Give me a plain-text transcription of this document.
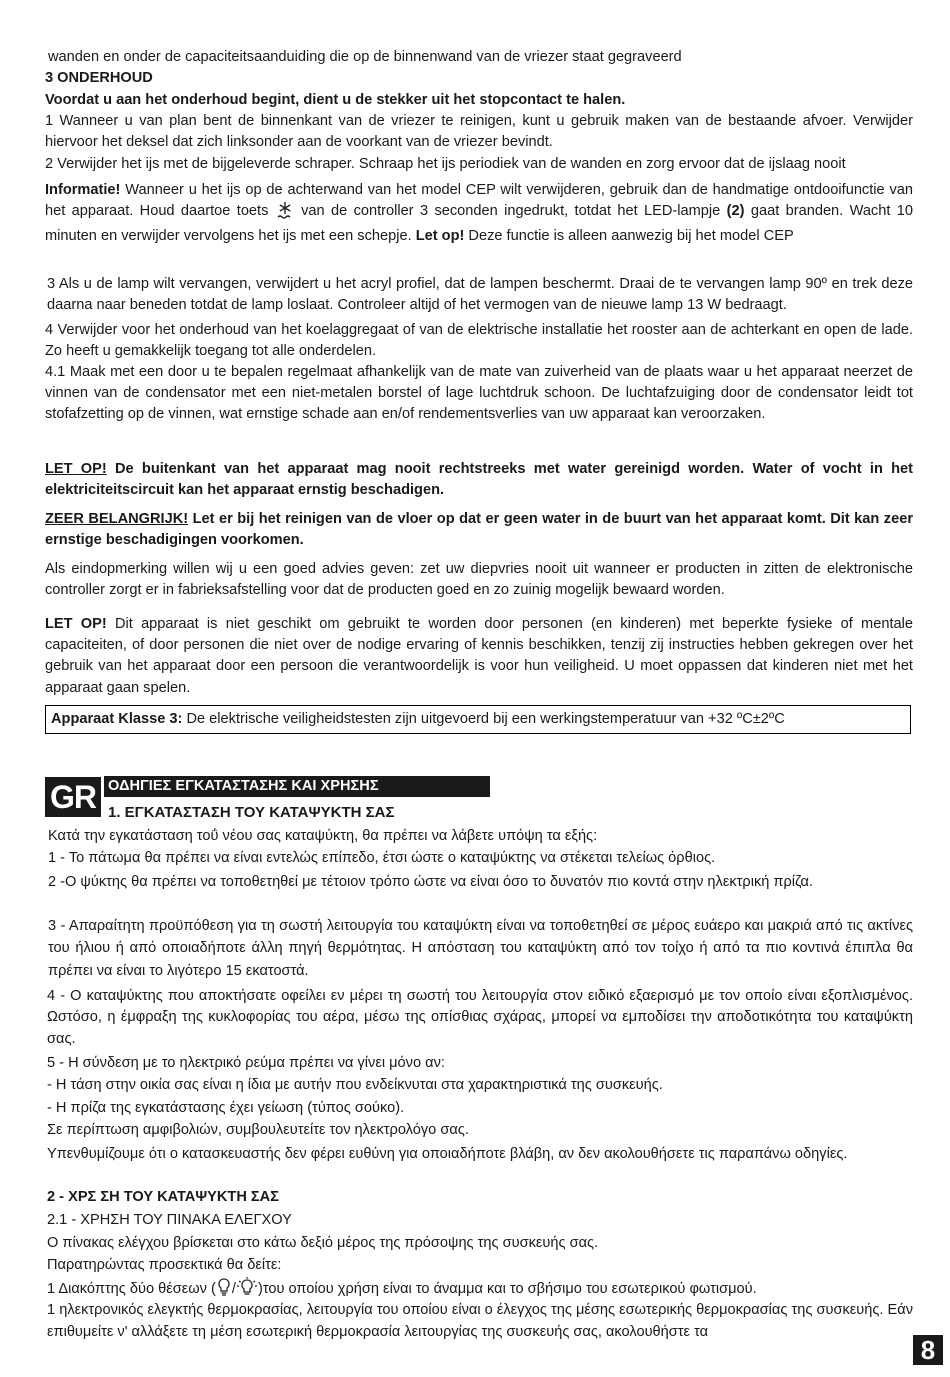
wanden en onder de capaciteitsaanduiding die op de binnenwand van de vriezer staat gegraveerd
3 ONDERHOUD
Voordat u aan het onderhoud begint, dient u de stekker uit het stopcontact te halen.
1 Wanneer u van plan bent de binnenkant van de vriezer te reinigen, kunt u gebruik maken van de bestaande afvoer. Verwijder hiervoor het deksel dat zich linksonder aan de voorkant van de vriezer bevindt.
2 Verwijder het ijs met de bijgeleverde schraper. Schraap het ijs periodiek van de wanden en zorg ervoor dat de ijslaag nooit
Informatie! Wanneer u het ijs op de achterwand van het model CEP wilt verwijderen, gebruik dan de handmatige ontdooifunctie van het apparaat. Houd daartoe toets  van de controller 3 seconden ingedrukt, totdat het LED-lampje (2) gaat branden. Wacht 10 minuten en verwijder vervolgens het ijs met een schepje. Let op! Deze functie is alleen aanwezig bij het model CEP
3 Als u de lamp wilt vervangen, verwijdert u het acryl profiel, dat de lampen beschermt. Draai de te vervangen lamp 90º en trek deze daarna naar beneden totdat de lamp loslaat. Controleer altijd of het vermogen van de nieuwe lamp 13 W bedraagt.
4 Verwijder voor het onderhoud van het koelaggregaat of van de elektrische installatie het rooster aan de achterkant en open de lade. Zo heeft u gemakkelijk toegang tot alle onderdelen.
4.1 Maak met een door u te bepalen regelmaat afhankelijk van de mate van zuiverheid van de plaats waar u het apparaat neerzet de vinnen van de condensator met een niet-metalen borstel of lage luchtdruk schoon. De luchtafzuiging door de condensator leidt tot stofafzetting op de vinnen, wat ernstige schade aan en/of rendementsverlies van uw apparaat kan veroorzaken.
LET OP! De buitenkant van het apparaat mag nooit rechtstreeks met water gereinigd worden. Water of vocht in het elektriciteitscircuit kan het apparaat ernstig beschadigen.
ZEER BELANGRIJK! Let er bij het reinigen van de vloer op dat er geen water in de buurt van het apparaat komt. Dit kan zeer ernstige beschadigingen voorkomen.
Als eindopmerking willen wij u een goed advies geven: zet uw diepvries nooit uit wanneer er producten in zitten de elektronische controller zorgt er in fabrieksafstelling voor dat de producten goed en zo zuinig mogelijk bewaard worden.
LET OP! Dit apparaat is niet geschikt om gebruikt te worden door personen (en kinderen) met beperkte fysieke of mentale capaciteiten, of door personen die niet over de nodige ervaring of kennis beschikken, tenzij zij instructies hebben gekregen over het gebruik van het apparaat door een persoon die verantwoordelijk is voor hun veiligheid. U moet oppassen dat kinderen niet met het apparaat gaan spelen.
Apparaat Klasse 3: De elektrische veiligheidstesten zijn uitgevoerd bij een werkingstemperatuur van +32 ºC±2ºC
GR ΟΔΗΓΙΕΣ ΕΓΚΑΤΑΣΤΑΣΗΣ ΚΑΙ ΧΡΗΣΗΣ
1. ΕΓΚΑΤΑΣΤΑΣΗ ΤΟΥ ΚΑΤΑΨΥΚΤΗ ΣΑΣ
Κατά την εγκατάσταση τοΰ νέου σας καταψύκτη, θα πρέπει να λάβετε υπόψη τα εξής:
1 - Το πάτωμα θα πρέπει να είναι εντελώς επίπεδο, έτσι ώστε ο καταψύκτης να στέκεται τελείως όρθιος.
2 -Ο ψύκτης θα πρέπει να τοποθετηθεί με τέτοιον τρόπο ώστε να είναι όσο το δυνατόν πιο κοντά στην ηλεκτρική πρίζα.
3 - Απαραίτητη προϋπόθεση για τη σωστή λειτουργία του καταψύκτη είναι να τοποθετηθεί σε μέρος ευάερο και μακριά από τις ακτίνες του ήλιου ή από οποιαδήποτε άλλη πηγή θερμότητας. Η απόσταση του καταψύκτη από τον τοίχο ή από τα πιο κοντινά έπιπλα θα πρέπει να είναι το λιγότερο 15 εκατοστά.
4 - Ο καταψύκτης που αποκτήσατε οφείλει εν μέρει τη σωστή του λειτουργία στον ειδικό εξαερισμό με τον οποίο είναι εξοπλισμένος. Ωστόσο, η έμφραξη της κυκλοφορίας του αέρα, μέσω της οπίσθιας σχάρας, μπορεί να εμποδίσει την αποδοτικότητα του καταψύκτη σας.
5 - Η σύνδεση με το ηλεκτρικό ρεύμα πρέπει να γίνει μόνο αν:
- Η τάση στην οικία σας είναι η ίδια με αυτήν που ενδείκνυται στα χαρακτηριστικά της συσκευής.
- Η πρίζα της εγκατάστασης έχει γείωση (τύπος σούκο).
Σε περίπτωση αμφιβολιών, συμβουλευτείτε τον ηλεκτρολόγο σας.
Υπενθυμίζουμε ότι ο κατασκευαστής δεν φέρει ευθύνη για οποιαδήποτε βλάβη, αν δεν ακολουθήσετε τις παραπάνω οδηγίες.
2 - ΧΡΣ ΣΗ ΤΟΥ ΚΑΤΑΨΥΚΤΗ ΣΑΣ
2.1 - ΧΡΗΣΗ ΤΟΥ ΠΙΝΑΚΑ ΕΛΕΓΧΟΥ
Ο πίνακας ελέγχου βρίσκεται στο κάτω δεξιό μέρος της πρόσοψης της συσκευής σας.
Παρατηρώντας προσεκτικά θα δείτε:
1 Διακόπτης δύο θέσεων ( / )του οποίου χρήση είναι το άναμμα και το σβήσιμο του εσωτερικού φωτισμού.
1 ηλεκτρονικός ελεγκτής θερμοκρασίας, λειτουργία του οποίου είναι ο έλεγχος της μέσης εσωτερικής θερμοκρασίας της συσκευής. Εάν επιθυμείτε ν' αλλάξετε τη μέση εσωτερική θερμοκρασία λειτουργίας της συσκευής σας, ακολουθήστε τα
8
